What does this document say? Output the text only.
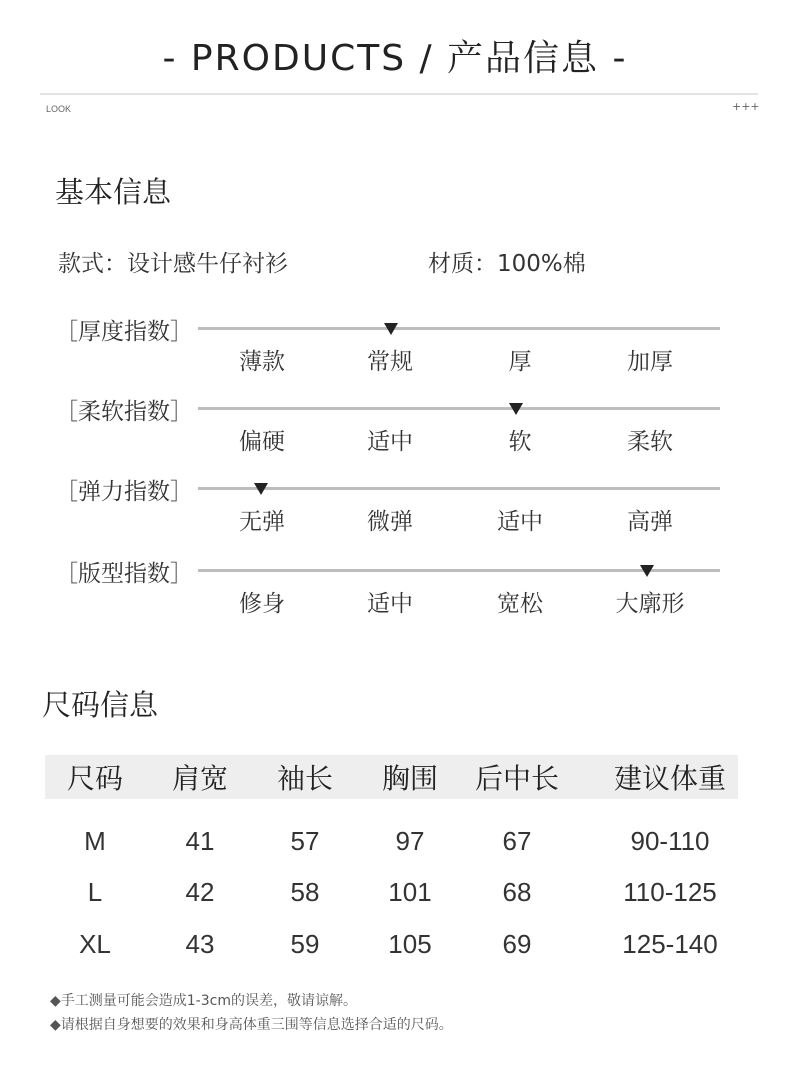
- PRODUCTS / 产品信息 -
LOOK	+++
基本信息
款式：设计感牛仔衬衫	材质：100%棉
［厚度指数］
薄款	常规	厚	加厚
［柔软指数］
偏硬	适中	软	柔软
［弹力指数］
无弹	微弹	适中	高弹
［版型指数］
修身	适中	宽松	大廓形
尺码信息
尺码	肩宽	袖长	胸围	后中长	建议体重
M	41	57	97	67	90-110
L	42	58	101	68	110-125
XL	43	59	105	69	125-140
◆手工测量可能会造成1-3cm的误差，敬请谅解。
◆请根据自身想要的效果和身高体重三围等信息选择合适的尺码。
